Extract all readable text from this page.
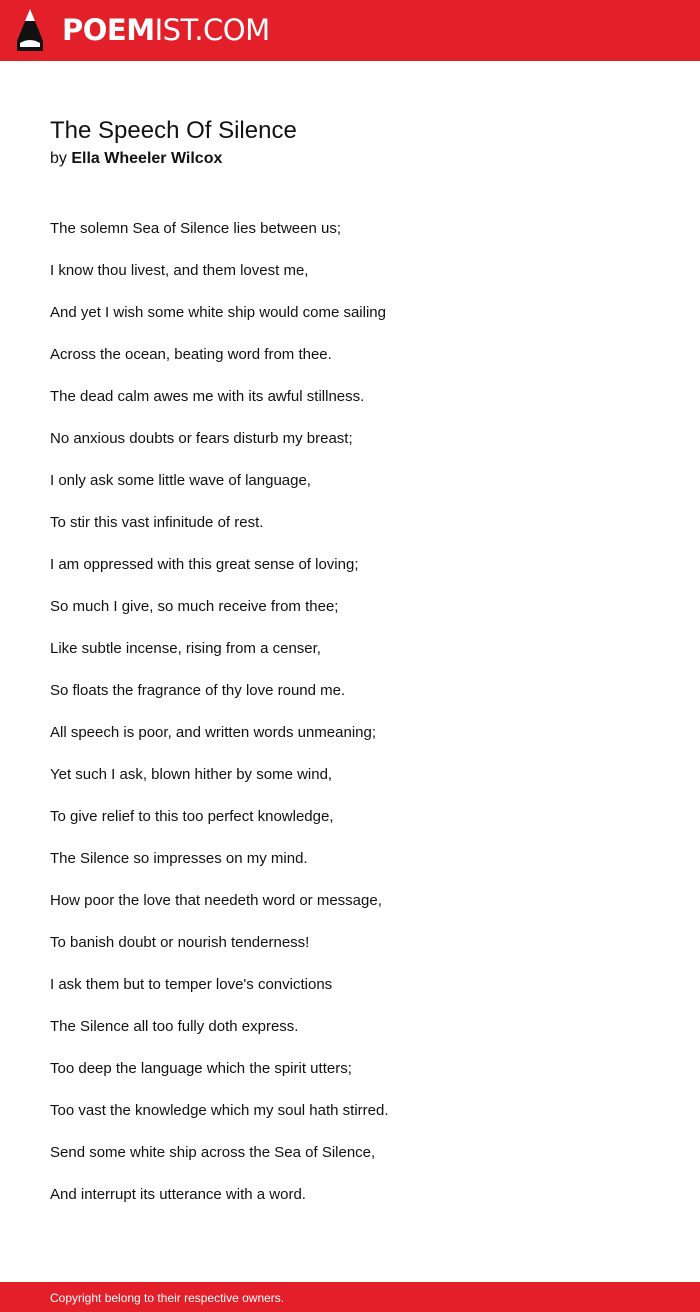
POEMIST.COM
The Speech Of Silence
by Ella Wheeler Wilcox
The solemn Sea of Silence lies between us;
I know thou livest, and them lovest me,
And yet I wish some white ship would come sailing
Across the ocean, beating word from thee.
The dead calm awes me with its awful stillness.
No anxious doubts or fears disturb my breast;
I only ask some little wave of language,
To stir this vast infinitude of rest.
I am oppressed with this great sense of loving;
So much I give, so much receive from thee;
Like subtle incense, rising from a censer,
So floats the fragrance of thy love round me.
All speech is poor, and written words unmeaning;
Yet such I ask, blown hither by some wind,
To give relief to this too perfect knowledge,
The Silence so impresses on my mind.
How poor the love that needeth word or message,
To banish doubt or nourish tenderness!
I ask them but to temper love's convictions
The Silence all too fully doth express.
Too deep the language which the spirit utters;
Too vast the knowledge which my soul hath stirred.
Send some white ship across the Sea of Silence,
And interrupt its utterance with a word.
Copyright belong to their respective owners.
